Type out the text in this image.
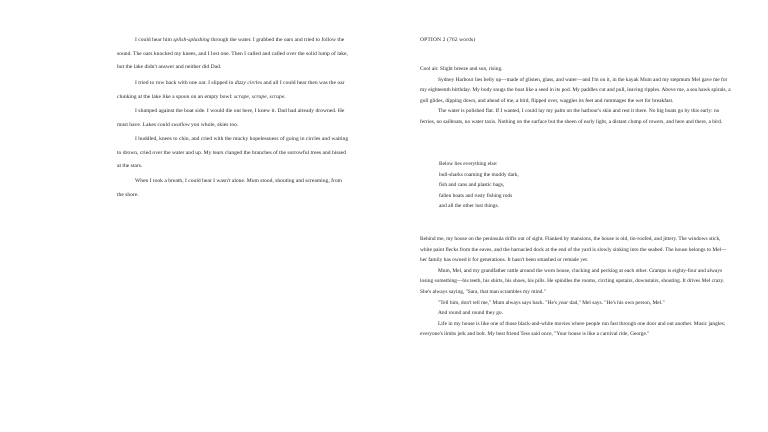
I could hear him splish-splashing through the water. I grabbed the oars and tried to follow the sound. The oars knocked my knees, and I lost one. Then I called and called over the solid lump of lake, but the lake didn't answer and neither did Dad.

I tried to row back with one oar. I slipped in dizzy circles and all I could hear then was the oar clunking at the lake like a spoon on an empty bowl: scrape, scrape, scrape.

I slumped against the boat side. I would die out here, I knew it. Dad had already drowned. He must have. Lakes could swallow you whole, skies too.

I huddled, knees to chin, and cried with the mucky hopelessness of going in circles and waiting to drown, cried over the water and up. My tears clanged the branches of the sorrowful trees and hissed at the stars.

When I took a breath, I could hear I wasn't alone. Mum stood, shouting and screaming, from the shore.

OPTION 2 (762 words)

Cool air. Slight breeze and sun, rising.
Sydney Harbour lies belly up—made of glisten, glass, and water—and I'm on it, in the kayak Mum and my stepmum Mel gave me for my eighteenth birthday. My body snugs the boat like a seed in its pod. My paddles cut and pull, leaving ripples. Above me, a sea hawk spirals, a gull glides, dipping down, and ahead of me, a bird, flipped over, waggles its feet and rummages the wet for breakfast.
The water is polished flat. If I wanted, I could lay my palm on the harbour's skin and rest it there. No big boats go by this early: no ferries, no sailboats, no water taxis. Nothing on the surface but the sheen of early light, a distant clump of rowers, and here and there, a bird.

Below lies everything else:
bull-sharks roaming the muddy dark,
fish and cans and plastic bags,
fallen boats and rusty fishing rods
and all the other lost things.

Behind me, my house on the peninsula drifts out of sight. Flanked by mansions, the house is old, tin-roofed, and jittery. The windows stick, white paint flecks from the eaves, and the barnacled dock at the end of the yard is slowly sinking into the seabed. The house belongs to Mel—her family has owned it for generations. It hasn't been smashed or remade yet.
Mum, Mel, and my grandfather rattle around the worn house, clucking and pecking at each other. Gramps is eighty-four and always losing something—his teeth, his shirts, his shoes, his pills. He spindles the rooms, circling upstairs, downstairs, shouting. It drives Mel crazy. She's always saying, "Sara, that man scrambles my mind."
"Tell him, don't tell me," Mum always says back. "He's your dad," Mel says. "He's his own person, Mel."
And round and round they go.
Life in my house is like one of those black-and-white movies where people run fast through one door and out another. Music jangles; everyone's limbs jerk and bolt. My best friend Tess said once, "Your house is like a carnival ride, George."
